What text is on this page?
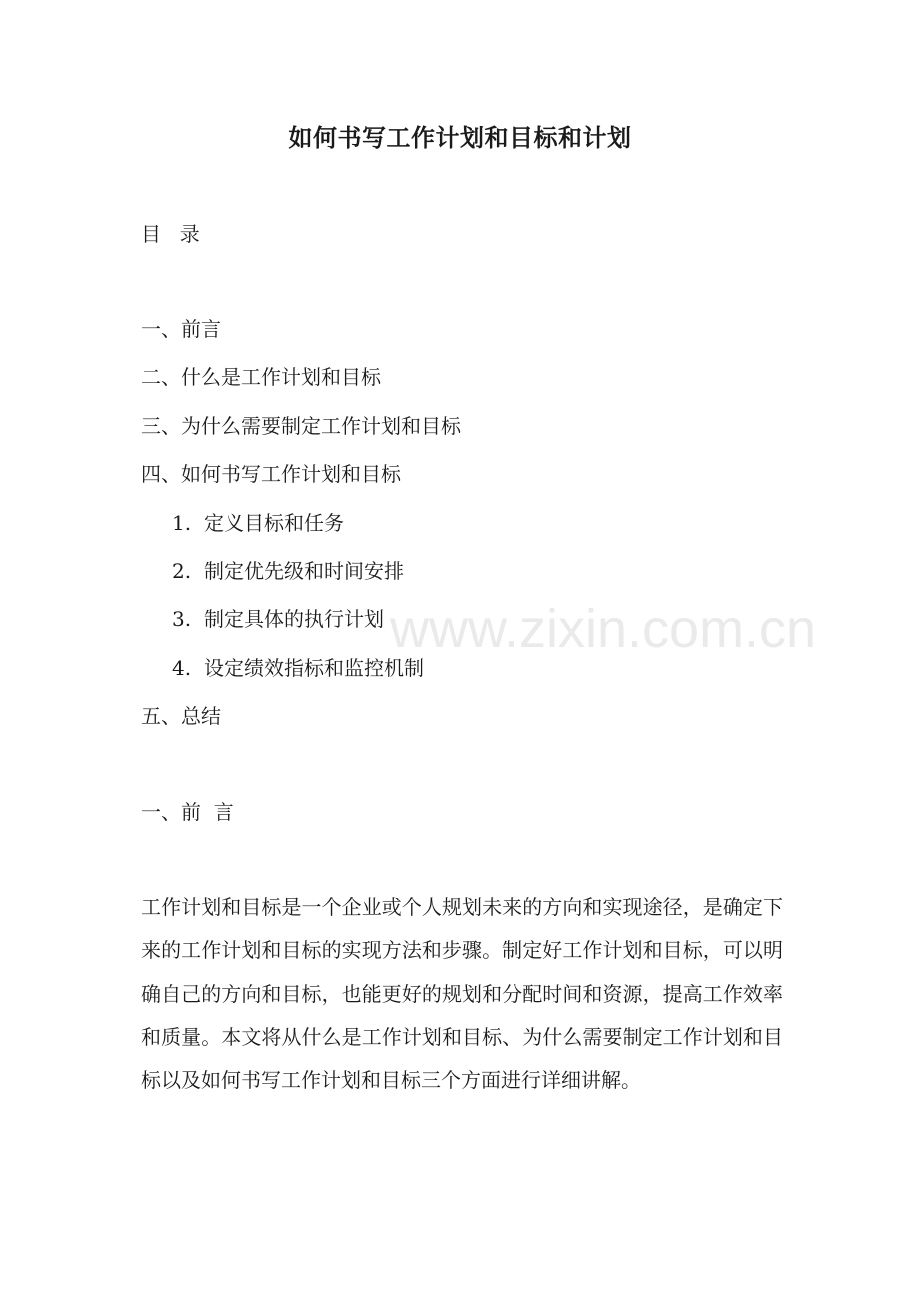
如何书写工作计划和目标和计划
目  录
一、前言
二、什么是工作计划和目标
三、为什么需要制定工作计划和目标
四、如何书写工作计划和目标
1. 定义目标和任务
2. 制定优先级和时间安排
3. 制定具体的执行计划
4. 设定绩效指标和监控机制
五、总结
一、前  言

工作计划和目标是一个企业或个人规划未来的方向和实现途径，是确定下来的工作计划和目标的实现方法和步骤。制定好工作计划和目标，可以明确自己的方向和目标，也能更好的规划和分配时间和资源，提高工作效率和质量。本文将从什么是工作计划和目标、为什么需要制定工作计划和目标以及如何书写工作计划和目标三个方面进行详细讲解。

www.zixin.com.cn
